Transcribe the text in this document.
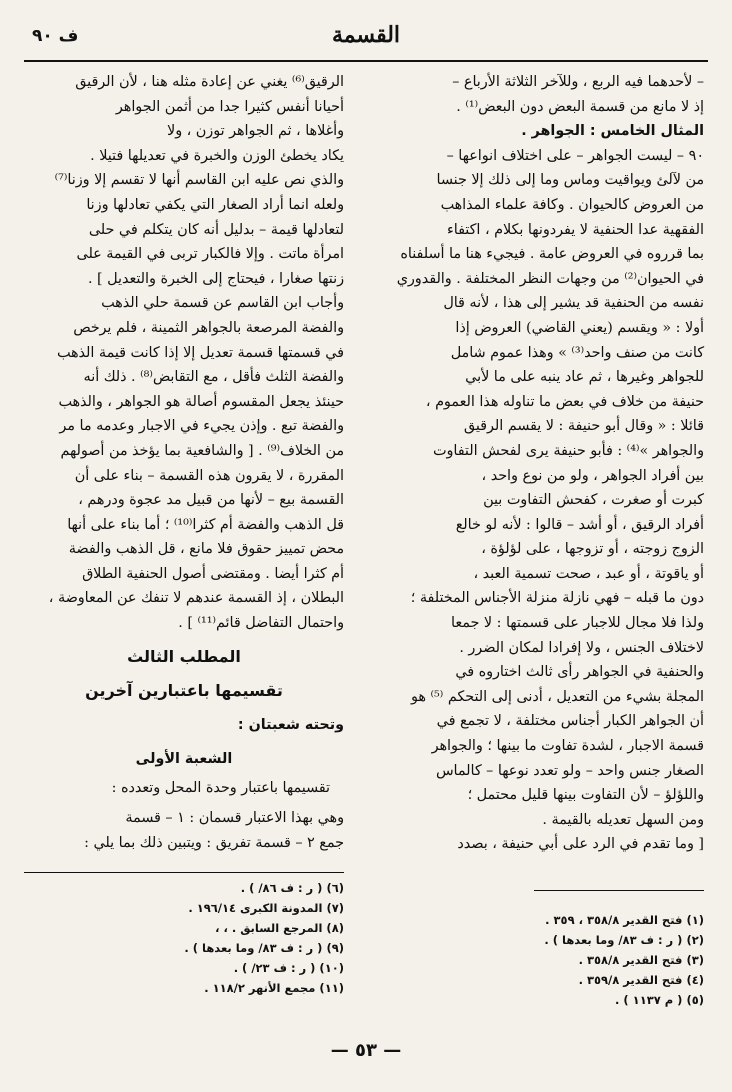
ف ٩٠	القسمة

– لأحدهما فيه الربع ، وللآخر الثلاثة الأرباع –

إذ لا مانع من قسمة البعض دون البعض⁽¹⁾ .

المثال الخامس : الجواهر .

٩٠ – ليست الجواهر – على اختلاف انواعها –

من لآلئ ويواقيت وماس وما إلى ذلك إلا جنسا

من العروض كالحيوان . وكافة علماء المذاهب

الفقهية عدا الحنفية لا يفردونها بكلام ، اكتفاء

بما قرروه في العروض عامة . فيجيء هنا ما أسلفناه

في الحيوان⁽²⁾ من وجهات النظر المختلفة . والقدوري

نفسه من الحنفية قد يشير إلى هذا ، لأنه قال

أولا : « ويقسم (يعني القاضي) العروض إذا

كانت من صنف واحد⁽³⁾ » وهذا عموم شامل

للجواهر وغيرها ، ثم عاد ينبه على ما لأبي

حنيفة من خلاف في بعض ما تناوله هذا العموم ،

قائلا : « وقال أبو حنيفة : لا يقسم الرقيق

والجواهر »⁽⁴⁾ : فأبو حنيفة يرى لفحش التفاوت

بين أفراد الجواهر ، ولو من نوع واحد ،

كبرت أو صغرت ، كفحش التفاوت بين

أفراد الرقيق ، أو أشد – قالوا : لأنه لو خالع

الزوج زوجته ، أو تزوجها ، على لؤلؤة ،

أو ياقوتة ، أو عبد ، صحت تسمية العبد ،

دون ما قبله – فهي نازلة منزلة الأجناس المختلفة ؛

ولذا فلا مجال للاجبار على قسمتها : لا جمعا

لاختلاف الجنس ، ولا إفرادا لمكان الضرر .

والحنفية في الجواهر رأى ثالث اختاروه في

المجلة بشيء من التعديل ، أدنى إلى التحكم ⁽⁵⁾ هو

أن الجواهر الكبار أجناس مختلفة ، لا تجمع في

قسمة الاجبار ، لشدة تفاوت ما بينها ؛ والجواهر

الصغار جنس واحد – ولو تعدد نوعها – كالماس

واللؤلؤ – لأن التفاوت بينها قليل محتمل ؛

ومن السهل تعديله بالقيمة .

[ وما تقدم في الرد على أبي حنيفة ، بصدد

الرقيق⁽⁶⁾ يغني عن إعادة مثله هنا ، لأن الرقيق

أحيانا أنفس كثيرا جدا من أثمن الجواهر

وأغلاها ، ثم الجواهر توزن ، ولا

يكاد يخطئ الوزن والخبرة في تعديلها فتيلا .

والذي نص عليه ابن القاسم أنها لا تقسم إلا وزنا⁽⁷⁾

ولعله انما أراد الصغار التي يكفي تعادلها وزنا

لتعادلها قيمة – بدليل أنه كان يتكلم في حلى

امرأة ماتت . وإلا فالكبار تربى في القيمة على

زنتها صغارا ، فيحتاج إلى الخبرة والتعديل ] .

وأجاب ابن القاسم عن قسمة حلي الذهب

والفضة المرصعة بالجواهر الثمينة ، فلم يرخص

في قسمتها قسمة تعديل إلا إذا كانت قيمة الذهب

والفضة الثلث فأقل ، مع التقابض⁽⁸⁾ . ذلك أنه

حينئذ يجعل المقسوم أصالة هو الجواهر ، والذهب

والفضة تبع . وإذن يجيء في الاجبار وعدمه ما مر

من الخلاف⁽⁹⁾ . [ والشافعية بما يؤخذ من أصولهم

المقررة ، لا يقرون هذه القسمة – بناء على أن

القسمة بيع – لأنها من قبيل مد عجوة ودرهم ،

قل الذهب والفضة أم كثرا⁽¹⁰⁾ ؛ أما بناء على أنها

محض تمييز حقوق فلا مانع ، قل الذهب والفضة

أم كثرا أيضا . ومقتضى أصول الحنفية الطلاق

البطلان ، إذ القسمة عندهم لا تنفك عن المعاوضة ،

واحتمال التفاضل قائم⁽¹¹⁾ ] .

المطلب الثالث

تقسيمها باعتبارين آخرين

وتحته شعبتان :

الشعبة الأولى

تقسيمها باعتبار وحدة المحل وتعدده :

وهي بهذا الاعتبار قسمان : ١ – قسمة

جمع ٢ – قسمة تفريق : ويتبين ذلك بما يلي :

(١) فتح القدير ٣٥٨/٨ ، ٣٥٩ .
(٢) ( ر : ف ٨٣/ وما بعدها ) .
(٣) فتح القدير ٣٥٨/٨ .
(٤) فتح القدير ٣٥٩/٨ .
(٥) ( م ١١٣٧ ) .
(٦) ( ر : ف ٨٦/ ) .
(٧) المدونة الكبرى ١٩٦/١٤ .
(٨) المرجع السابق . ، ،
(٩) ( ر : ف ٨٣/ وما بعدها ) .
(١٠) ( ر : ف ٢٣/ ) .
(١١) مجمع الأنهر ١١٨/٢ .
— ٥٣ —
